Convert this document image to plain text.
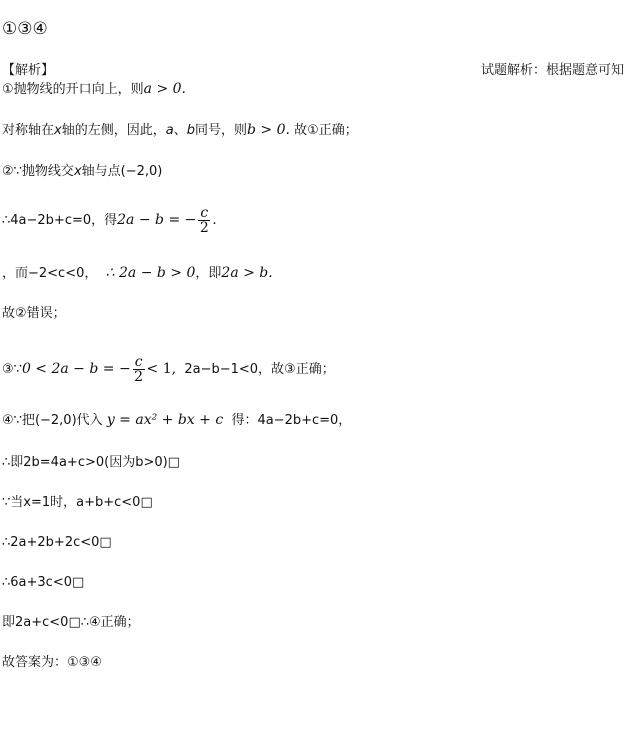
①③④
【解析】	试题解析：根据题意可知
①抛物线的开口向上，则a > 0.
对称轴在x轴的左侧，因此，a、b同号，则b > 0. 故①正确；
②∵抛物线交x轴与点(−2,0)
∴4a−2b+c=0，得2a − b = − $\frac{c}{2}$ .
，而−2<c<0， ∴ 2a − b > 0，即2a > b.
故②错误；
③∵0 < 2a − b = − $\frac{c}{2} < 1$, 2a−b−1<0，故③正确；
④∵把(−2,0)代入 y = ax² + bx + c 得：4a−2b+c=0，
∴即2b=4a+c>0(因为b>0)□
∵当x=1时，a+b+c<0□
∴2a+2b+2c<0□
∴6a+3c<0□
即2a+c<0□∴④正确；
故答案为：①③④
